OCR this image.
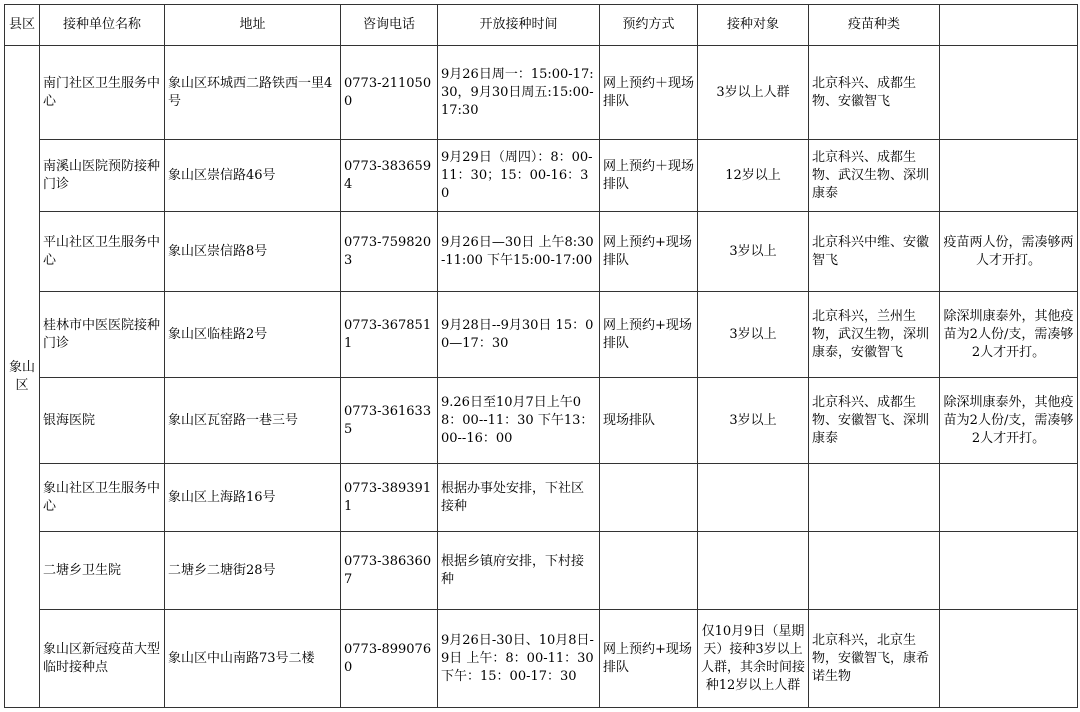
县区	接种单位名称	地址	咨询电话	开放接种时间	预约方式	接种对象	疫苗种类	
象山区	南门社区卫生服务中心	象山区环城西二路铁西一里4号	0773-2110500	9月26日周一：15:00-17:30，9月30日周五:15:00-17:30	网上预约＋现场排队	3岁以上人群	北京科兴、成都生物、安徽智飞	
	南溪山医院预防接种门诊	象山区崇信路46号	0773-3836594	9月29日（周四）：8：00-11：30；15：00-16：30	网上预约＋现场排队	12岁以上	北京科兴、成都生物、武汉生物、深圳康泰	
	平山社区卫生服务中心	象山区崇信路8号	0773-7598203	9月26日—30日 上午8:30-11:00 下午15:00-17:00	网上预约+现场排队	3岁以上	北京科兴中维、安徽智飞	疫苗两人份，需凑够两人才开打。
	桂林市中医医院接种门诊	象山区临桂路2号	0773-3678511	9月28日--9月30日 15：00—17：30	网上预约+现场排队	3岁以上	北京科兴，兰州生物，武汉生物，深圳康泰，安徽智飞	除深圳康泰外，其他疫苗为2人份/支，需凑够2人才开打。
	银海医院	象山区瓦窑路一巷三号	0773-3616335	9.26日至10月7日上午08：00--11：30 下午13：00--16：00	现场排队	3岁以上	北京科兴、成都生物、安徽智飞、深圳康泰	除深圳康泰外，其他疫苗为2人份/支，需凑够2人才开打。
	象山社区卫生服务中心	象山区上海路16号	0773-3893911	根据办事处安排，下社区接种				
	二塘乡卫生院	二塘乡二塘街28号	0773-3863607	根据乡镇府安排，下村接种				
	象山区新冠疫苗大型临时接种点	象山区中山南路73号二楼	0773-8990760	9月26日-30日、10月8日-9日 上午：8：00-11：30 下午：15：00-17：30	网上预约+现场排队	仅10月9日（星期天）接种3岁以上人群，其余时间接种12岁以上人群	北京科兴，北京生物，安徽智飞，康希诺生物	
